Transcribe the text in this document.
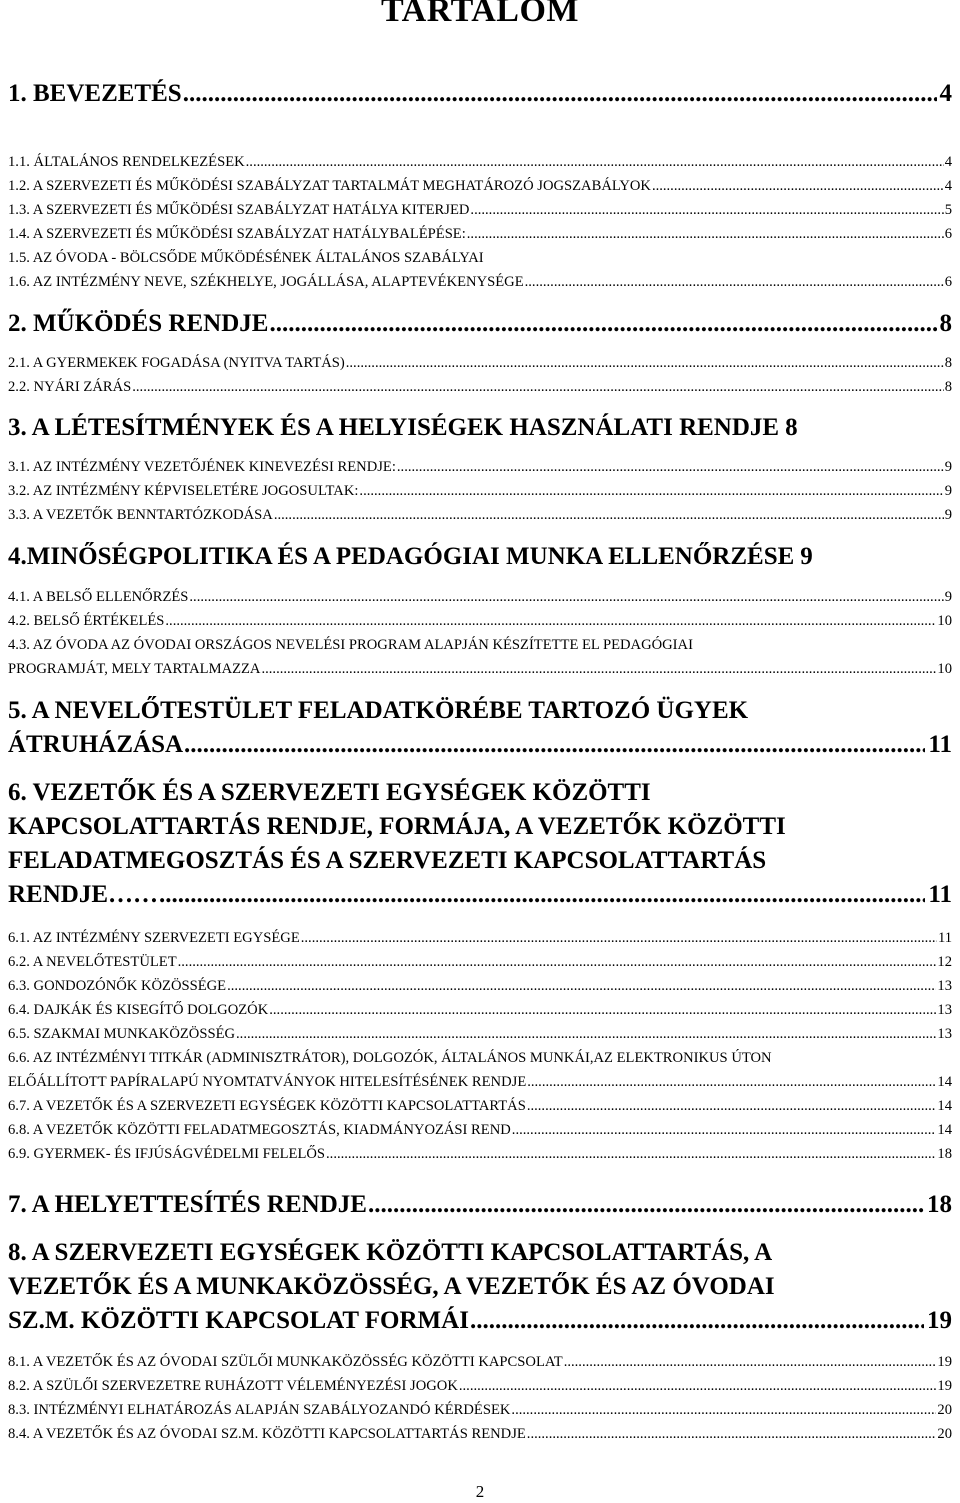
TARTALOM
1. BEVEZETÉS .....	4
1.1. ÁLTALÁNOS RENDELKEZÉSEK .....	4
1.2. A SZERVEZETI ÉS MŰKÖDÉSI SZABÁLYZAT TARTALMÁT MEGHATÁROZÓ JOGSZABÁLYOK .....	4
1.3. A SZERVEZETI ÉS MŰKÖDÉSI SZABÁLYZAT HATÁLYA KITERJED .....	5
1.4. A SZERVEZETI ÉS MŰKÖDÉSI SZABÁLYZAT HATÁLYBALÉPÉSE: .....	6
1.5. AZ ÓVODA - BÖLCSŐDE MŰKÖDÉSÉNEK ÁLTALÁNOS SZABÁLYAI
1.6. AZ INTÉZMÉNY NEVE, SZÉKHELYE, JOGÁLLÁSA, ALAPTEVÉKENYSÉGE .....	6
2. MŰKÖDÉS RENDJE .....	8
2.1. A GYERMEKEK FOGADÁSA (NYITVA TARTÁS) .....	8
2.2. NYÁRI ZÁRÁS .....	8
3. A LÉTESÍTMÉNYEK ÉS A HELYISÉGEK HASZNÁLATI RENDJE 8
3.1. AZ INTÉZMÉNY VEZETŐJÉNEK KINEVEZÉSI RENDJE: .....	9
3.2. AZ INTÉZMÉNY KÉPVISELETÉRE JOGOSULTAK: .....	9
3.3. A VEZETŐK BENNTARTÓZKODÁSA .....	9
4.MINŐSÉGPOLITIKA ÉS A PEDAGÓGIAI MUNKA ELLENŐRZÉSE 9
4.1. A BELSŐ ELLENŐRZÉS .....	9
4.2. BELSŐ ÉRTÉKELÉS .....	10
4.3. AZ ÓVODA AZ ÓVODAI ORSZÁGOS NEVELÉSI PROGRAM ALAPJÁN KÉSZÍTETTE EL PEDAGÓGIAI
PROGRAMJÁT, MELY TARTALMAZZA .....	10
5. A NEVELŐTESTÜLET FELADATKÖRÉBE TARTOZÓ ÜGYEK
ÁTRUHÁZÁSA .....	11
6. VEZETŐK ÉS A SZERVEZETI EGYSÉGEK KÖZÖTTI
KAPCSOLATTARTÁS RENDJE, FORMÁJA, A VEZETŐK KÖZÖTTI
FELADATMEGOSZTÁS ÉS A SZERVEZETI KAPCSOLATTARTÁS
RENDJE…… .....	11
6.1. AZ INTÉZMÉNY SZERVEZETI EGYSÉGE .....	11
6.2. A NEVELŐTESTÜLET .....	12
6.3. GONDOZÓNŐK KÖZÖSSÉGE .....	13
6.4. DAJKÁK ÉS KISEGÍTŐ DOLGOZÓK .....	13
6.5. SZAKMAI MUNKAKÖZÖSSÉG .....	13
6.6. AZ INTÉZMÉNYI TITKÁR (ADMINISZTRÁTOR), DOLGOZÓK, ÁLTALÁNOS MUNKÁI,AZ ELEKTRONIKUS ÚTON
ELŐÁLLÍTOTT PAPÍRALAPÚ NYOMTATVÁNYOK HITELESÍTÉSÉNEK RENDJE .....	14
6.7. A VEZETŐK ÉS A SZERVEZETI EGYSÉGEK KÖZÖTTI KAPCSOLATTARTÁS .....	14
6.8. A VEZETŐK KÖZÖTTI FELADATMEGOSZTÁS, KIADMÁNYOZÁSI REND .....	14
6.9. GYERMEK- ÉS IFJÚSÁGVÉDELMI FELELŐS .....	18
7. A HELYETTESÍTÉS RENDJE .....	18
8. A SZERVEZETI EGYSÉGEK KÖZÖTTI KAPCSOLATTARTÁS, A
VEZETŐK ÉS A MUNKAKÖZÖSSÉG, A VEZETŐK ÉS AZ ÓVODAI
SZ.M. KÖZÖTTI KAPCSOLAT FORMÁI .....	19
8.1. A VEZETŐK ÉS AZ ÓVODAI SZÜLŐI MUNKAKÖZÖSSÉG KÖZÖTTI KAPCSOLAT .....	19
8.2. A SZÜLŐI SZERVEZETRE RUHÁZOTT VÉLEMÉNYEZÉSI JOGOK .....	19
8.3. INTÉZMÉNYI ELHATÁROZÁS ALAPJÁN SZABÁLYOZANDÓ KÉRDÉSEK .....	20
8.4. A VEZETŐK ÉS AZ ÓVODAI SZ.M. KÖZÖTTI KAPCSOLATTARTÁS RENDJE .....	20
2
